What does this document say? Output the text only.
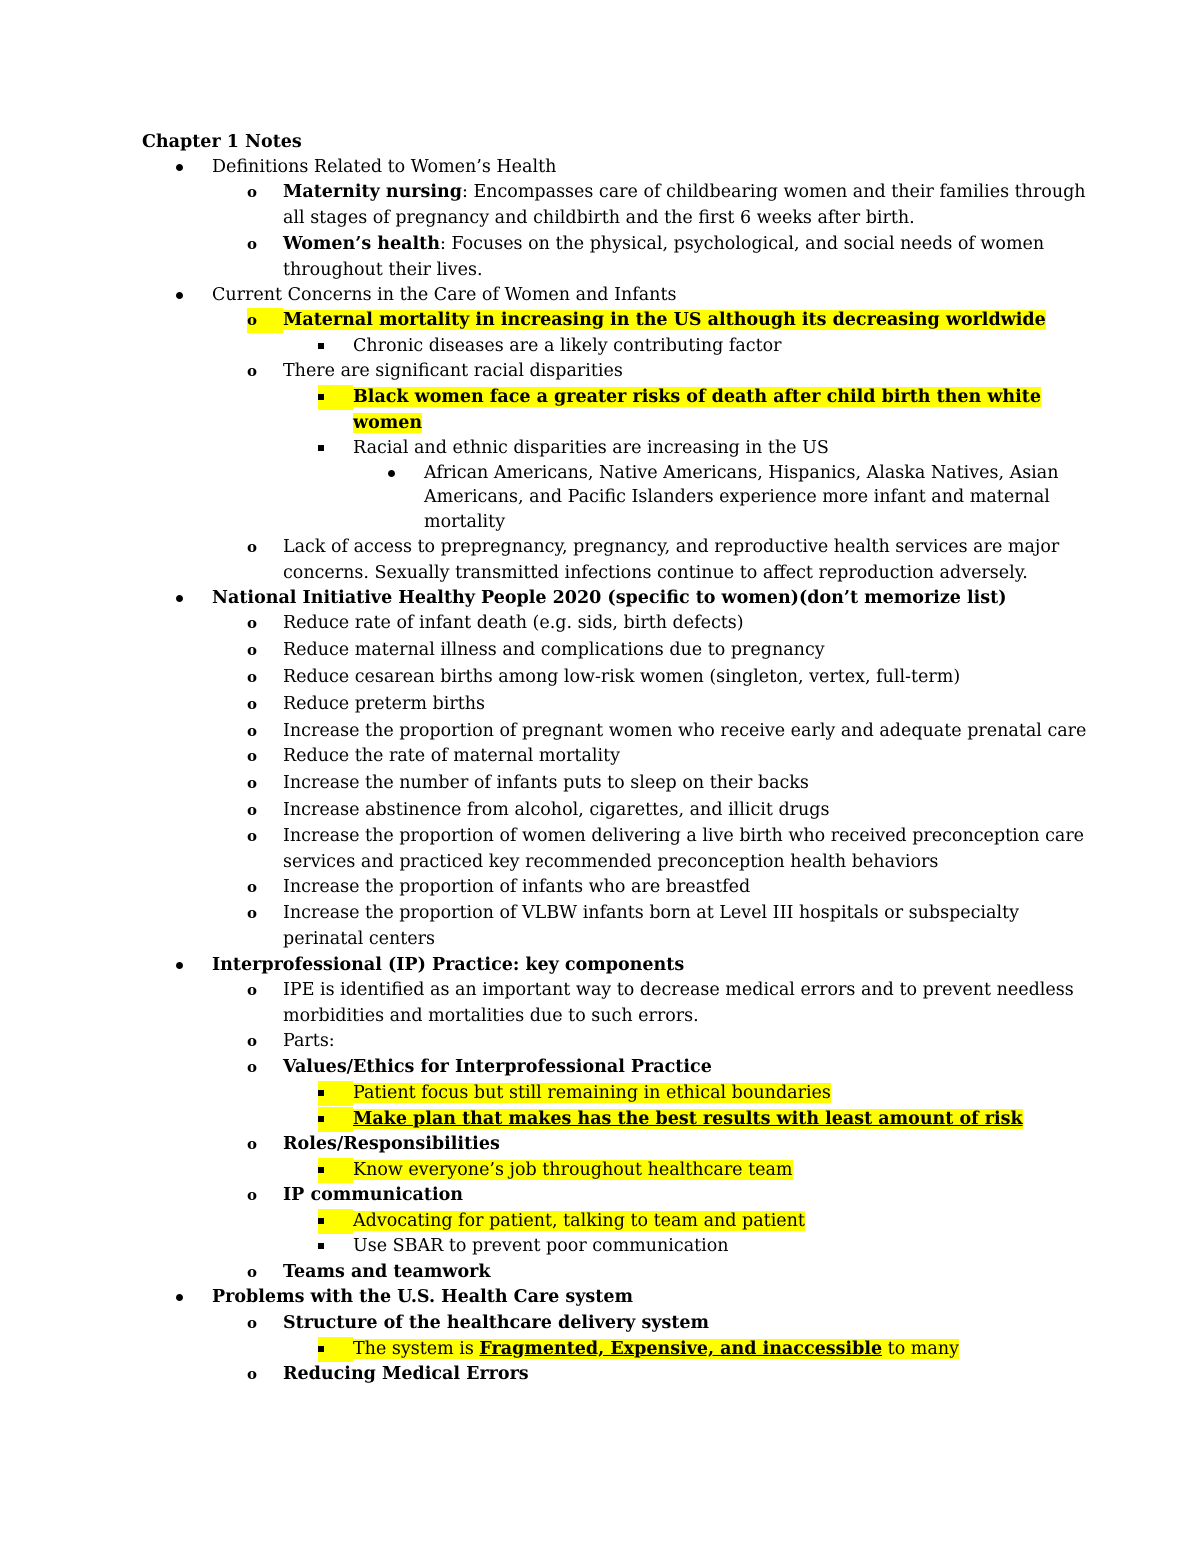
Chapter 1 Notes
Definitions Related to Women’s Health
o Maternity nursing: Encompasses care of childbearing women and their families through
all stages of pregnancy and childbirth and the first 6 weeks after birth.
o Women’s health: Focuses on the physical, psychological, and social needs of women
throughout their lives.
Current Concerns in the Care of Women and Infants
o Maternal mortality in increasing in the US although its decreasing worldwide
Chronic diseases are a likely contributing factor
o There are significant racial disparities
Black women face a greater risks of death after child birth then white
women
Racial and ethnic disparities are increasing in the US
African Americans, Native Americans, Hispanics, Alaska Natives, Asian
Americans, and Pacific Islanders experience more infant and maternal
mortality
o Lack of access to prepregnancy, pregnancy, and reproductive health services are major
concerns. Sexually transmitted infections continue to affect reproduction adversely.
National Initiative Healthy People 2020 (specific to women)(don’t memorize list)
o Reduce rate of infant death (e.g. sids, birth defects)
o Reduce maternal illness and complications due to pregnancy
o Reduce cesarean births among low-risk women (singleton, vertex, full-term)
o Reduce preterm births
o Increase the proportion of pregnant women who receive early and adequate prenatal care
o Reduce the rate of maternal mortality
o Increase the number of infants puts to sleep on their backs
o Increase abstinence from alcohol, cigarettes, and illicit drugs
o Increase the proportion of women delivering a live birth who received preconception care
services and practiced key recommended preconception health behaviors
o Increase the proportion of infants who are breastfed
o Increase the proportion of VLBW infants born at Level III hospitals or subspecialty
perinatal centers
Interprofessional (IP) Practice: key components
o IPE is identified as an important way to decrease medical errors and to prevent needless
morbidities and mortalities due to such errors.
o Parts:
o Values/Ethics for Interprofessional Practice
Patient focus but still remaining in ethical boundaries
Make plan that makes has the best results with least amount of risk
o Roles/Responsibilities
Know everyone’s job throughout healthcare team
o IP communication
Advocating for patient, talking to team and patient
Use SBAR to prevent poor communication
o Teams and teamwork
Problems with the U.S. Health Care system
o Structure of the healthcare delivery system
The system is Fragmented, Expensive, and inaccessible to many
o Reducing Medical Errors
